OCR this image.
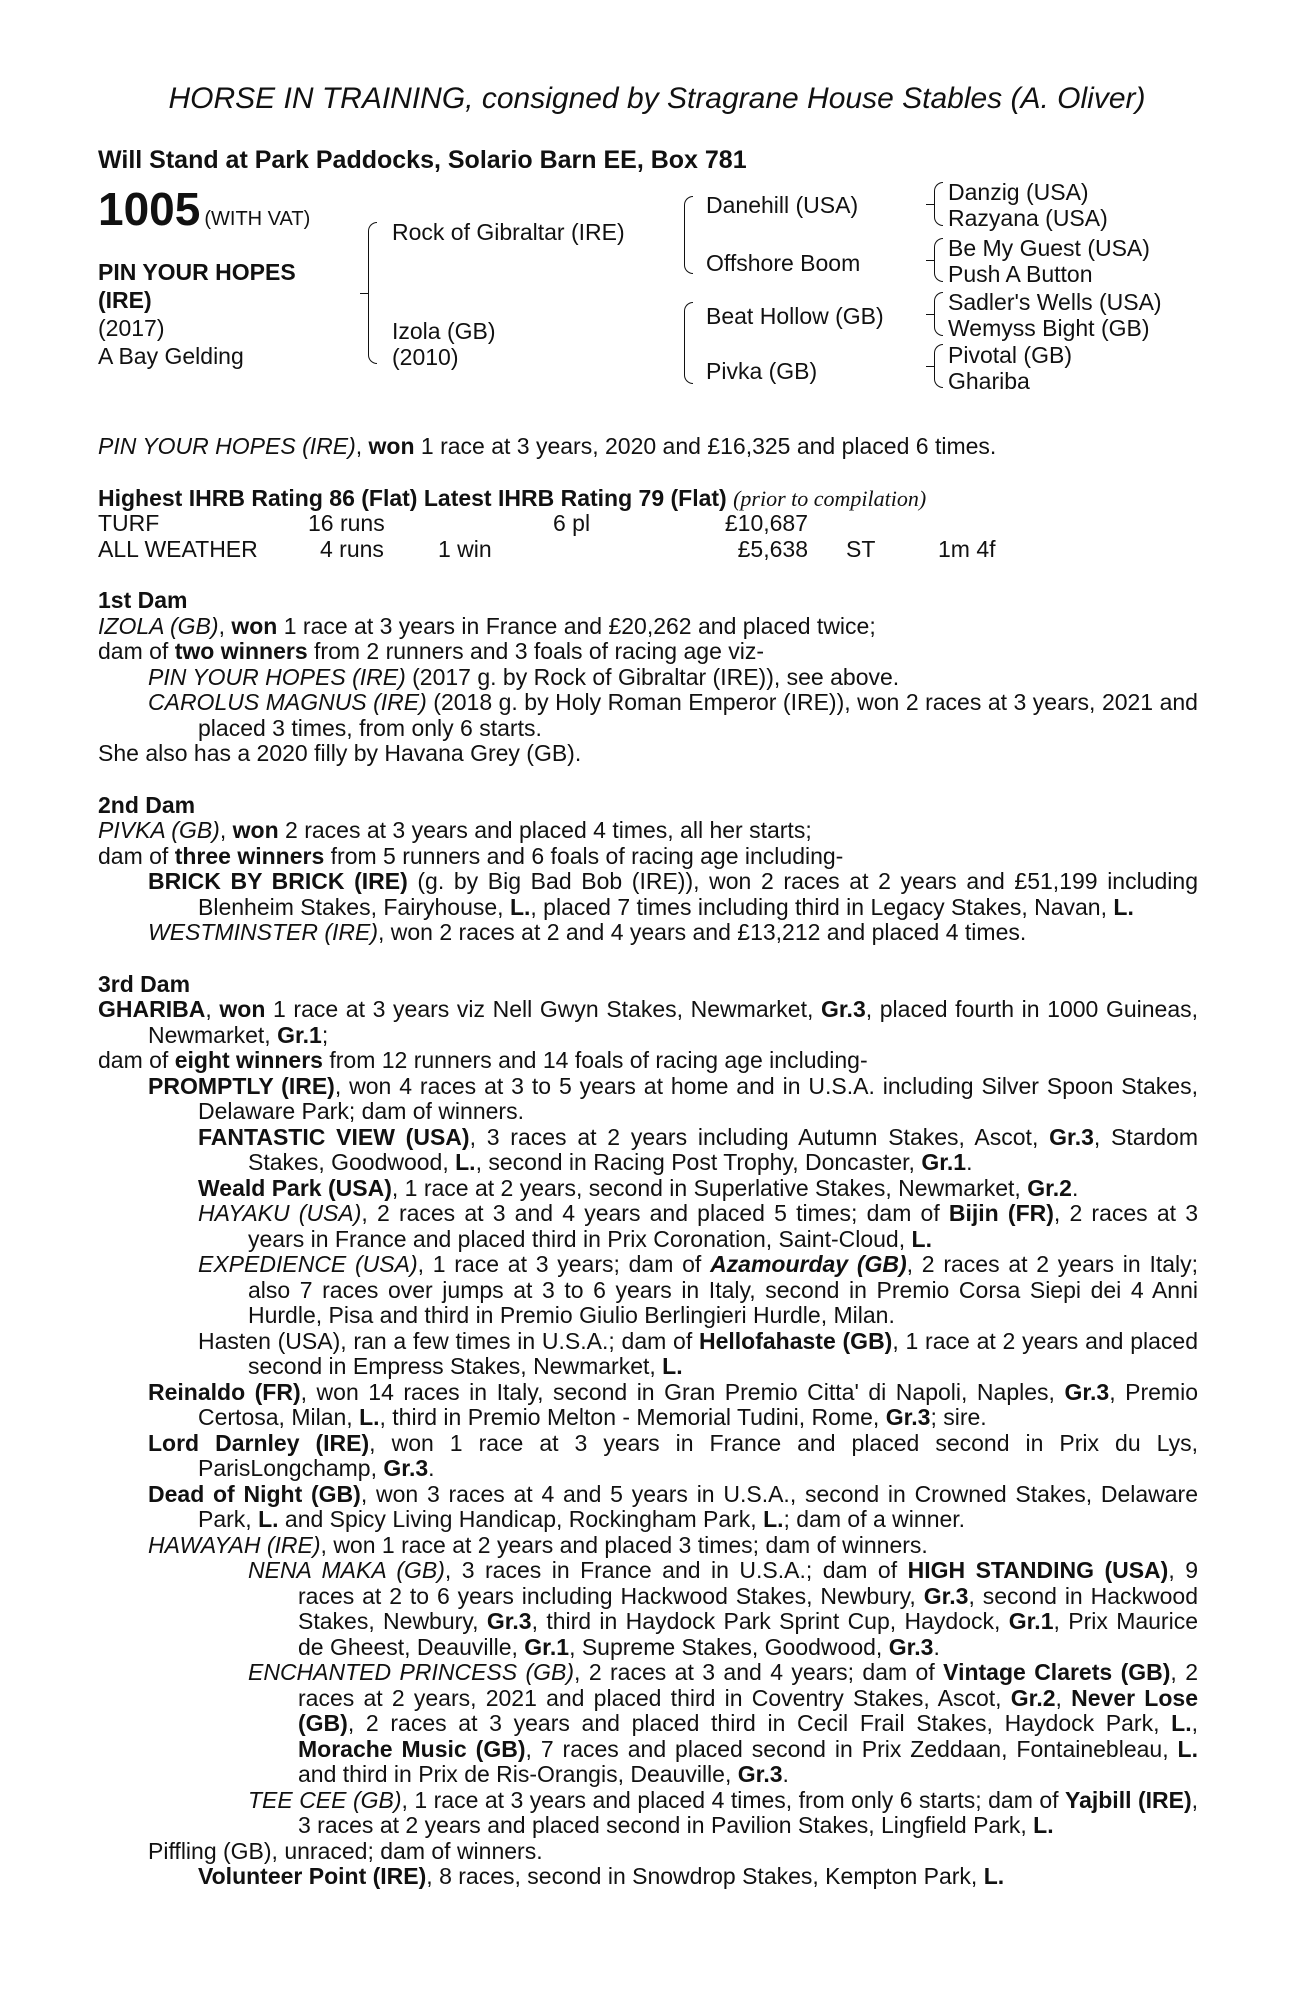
HORSE IN TRAINING, consigned by Stragrane House Stables (A. Oliver)
Will Stand at Park Paddocks, Solario Barn EE, Box 781
1005 (WITH VAT)
PIN YOUR HOPES
(IRE)
(2017)
A Bay Gelding
Rock of Gibraltar (IRE)
Izola (GB)
(2010)
Danehill (USA)
Offshore Boom
Beat Hollow (GB)
Pivka (GB)
Danzig (USA)
Razyana (USA)
Be My Guest (USA)
Push A Button
Sadler's Wells (USA)
Wemyss Bight (GB)
Pivotal (GB)
Ghariba

PIN YOUR HOPES (IRE), won 1 race at 3 years, 2020 and £16,325 and placed 6 times.

Highest IHRB Rating 86 (Flat) Latest IHRB Rating 79 (Flat) (prior to compilation)

TURF	16 runs	6 pl	£10,687
ALL WEATHER	4 runs	1 win	£5,638 ST	1m 4f

1st Dam

IZOLA (GB), won 1 race at 3 years in France and £20,262 and placed twice;

dam of two winners from 2 runners and 3 foals of racing age viz-

PIN YOUR HOPES (IRE) (2017 g. by Rock of Gibraltar (IRE)), see above.

CAROLUS MAGNUS (IRE) (2018 g. by Holy Roman Emperor (IRE)), won 2 races at 3 years, 2021 and placed 3 times, from only 6 starts.

She also has a 2020 filly by Havana Grey (GB).

2nd Dam

PIVKA (GB), won 2 races at 3 years and placed 4 times, all her starts;

dam of three winners from 5 runners and 6 foals of racing age including-

BRICK BY BRICK (IRE) (g. by Big Bad Bob (IRE)), won 2 races at 2 years and £51,199 including Blenheim Stakes, Fairyhouse, L., placed 7 times including third in Legacy Stakes, Navan, L.

WESTMINSTER (IRE), won 2 races at 2 and 4 years and £13,212 and placed 4 times.

3rd Dam

GHARIBA, won 1 race at 3 years viz Nell Gwyn Stakes, Newmarket, Gr.3, placed fourth in 1000 Guineas, Newmarket, Gr.1;

dam of eight winners from 12 runners and 14 foals of racing age including-

PROMPTLY (IRE), won 4 races at 3 to 5 years at home and in U.S.A. including Silver Spoon Stakes, Delaware Park; dam of winners.

FANTASTIC VIEW (USA), 3 races at 2 years including Autumn Stakes, Ascot, Gr.3, Stardom Stakes, Goodwood, L., second in Racing Post Trophy, Doncaster, Gr.1.

Weald Park (USA), 1 race at 2 years, second in Superlative Stakes, Newmarket, Gr.2.

HAYAKU (USA), 2 races at 3 and 4 years and placed 5 times; dam of Bijin (FR), 2 races at 3 years in France and placed third in Prix Coronation, Saint-Cloud, L.

EXPEDIENCE (USA), 1 race at 3 years; dam of Azamourday (GB), 2 races at 2 years in Italy; also 7 races over jumps at 3 to 6 years in Italy, second in Premio Corsa Siepi dei 4 Anni Hurdle, Pisa and third in Premio Giulio Berlingieri Hurdle, Milan.

Hasten (USA), ran a few times in U.S.A.; dam of Hellofahaste (GB), 1 race at 2 years and placed second in Empress Stakes, Newmarket, L.

Reinaldo (FR), won 14 races in Italy, second in Gran Premio Citta' di Napoli, Naples, Gr.3, Premio Certosa, Milan, L., third in Premio Melton - Memorial Tudini, Rome, Gr.3; sire.

Lord Darnley (IRE), won 1 race at 3 years in France and placed second in Prix du Lys, ParisLongchamp, Gr.3.

Dead of Night (GB), won 3 races at 4 and 5 years in U.S.A., second in Crowned Stakes, Delaware Park, L. and Spicy Living Handicap, Rockingham Park, L.; dam of a winner.

HAWAYAH (IRE), won 1 race at 2 years and placed 3 times; dam of winners.

NENA MAKA (GB), 3 races in France and in U.S.A.; dam of HIGH STANDING (USA), 9 races at 2 to 6 years including Hackwood Stakes, Newbury, Gr.3, second in Hackwood Stakes, Newbury, Gr.3, third in Haydock Park Sprint Cup, Haydock, Gr.1, Prix Maurice de Gheest, Deauville, Gr.1, Supreme Stakes, Goodwood, Gr.3.

ENCHANTED PRINCESS (GB), 2 races at 3 and 4 years; dam of Vintage Clarets (GB), 2 races at 2 years, 2021 and placed third in Coventry Stakes, Ascot, Gr.2, Never Lose (GB), 2 races at 3 years and placed third in Cecil Frail Stakes, Haydock Park, L., Morache Music (GB), 7 races and placed second in Prix Zeddaan, Fontainebleau, L. and third in Prix de Ris-Orangis, Deauville, Gr.3.

TEE CEE (GB), 1 race at 3 years and placed 4 times, from only 6 starts; dam of Yajbill (IRE), 3 races at 2 years and placed second in Pavilion Stakes, Lingfield Park, L.

Piffling (GB), unraced; dam of winners.

Volunteer Point (IRE), 8 races, second in Snowdrop Stakes, Kempton Park, L.
